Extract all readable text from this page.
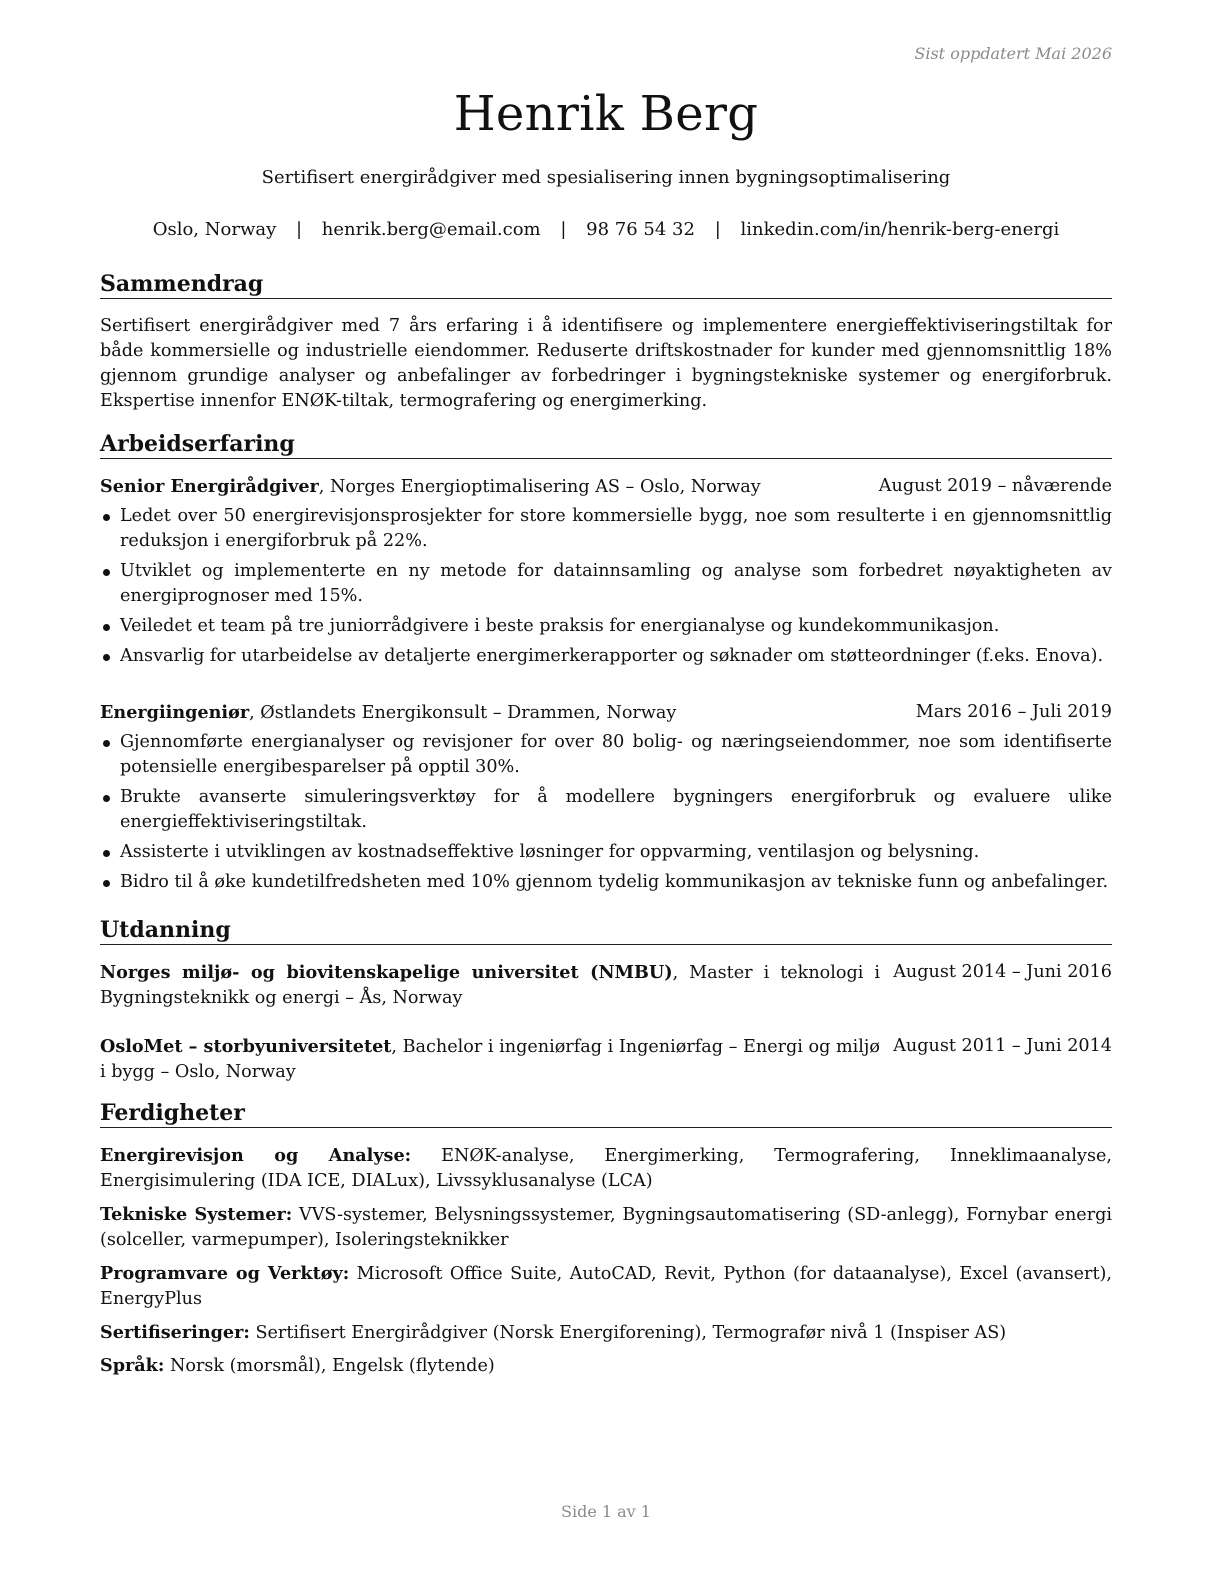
Sist oppdatert Mai 2026
Henrik Berg
Sertifisert energirådgiver med spesialisering innen bygningsoptimalisering
Oslo, Norway | henrik.berg@email.com | 98 76 54 32 | linkedin.com/in/henrik-berg-energi
Sammendrag

Sertifisert energirådgiver med 7 års erfaring i å identifisere og implementere energieffektiviseringstiltak for både kommersielle og industrielle eiendommer. Reduserte driftskostnader for kunder med gjennomsnittlig 18% gjennom grundige analyser og anbefalinger av forbedringer i bygningstekniske systemer og energiforbruk. Ekspertise innenfor ENØK-tiltak, termografering og energimerking.

Arbeidserfaring
Senior Energirådgiver, Norges Energioptimalisering AS – Oslo, Norway	August 2019 – nåværende
Ledet over 50 energirevisjonsprosjekter for store kommersielle bygg, noe som resulterte i en gjennomsnittlig reduksjon i energiforbruk på 22%.
Utviklet og implementerte en ny metode for datainnsamling og analyse som forbedret nøyaktigheten av energiprognoser med 15%.
Veiledet et team på tre juniorrådgivere i beste praksis for energianalyse og kundekommunikasjon.
Ansvarlig for utarbeidelse av detaljerte energimerkerapporter og søknader om støtteordninger (f.eks. Enova).
Energiingeniør, Østlandets Energikonsult – Drammen, Norway	Mars 2016 – Juli 2019
Gjennomførte energianalyser og revisjoner for over 80 bolig- og næringseiendommer, noe som identifiserte potensielle energibesparelser på opptil 30%.
Brukte avanserte simuleringsverktøy for å modellere bygningers energiforbruk og evaluere ulike energieffektiviseringstiltak.
Assisterte i utviklingen av kostnadseffektive løsninger for oppvarming, ventilasjon og belysning.
Bidro til å øke kundetilfredsheten med 10% gjennom tydelig kommunikasjon av tekniske funn og anbefalinger.
Utdanning
Norges miljø- og biovitenskapelige universitet (NMBU), Master i teknologi i Bygningsteknikk og energi – Ås, Norway
August 2014 – Juni 2016
OsloMet – storbyuniversitetet, Bachelor i ingeniørfag i Ingeniørfag – Energi og miljø i bygg – Oslo, Norway
August 2011 – Juni 2014
Ferdigheter
Energirevisjon og Analyse: ENØK-analyse, Energimerking, Termografering, Inneklimaanalyse, Energisimulering (IDA ICE, DIALux), Livssyklusanalyse (LCA)
Tekniske Systemer: VVS-systemer, Belysningssystemer, Bygningsautomatisering (SD-anlegg), Fornybar energi (solceller, varmepumper), Isoleringsteknikker
Programvare og Verktøy: Microsoft Office Suite, AutoCAD, Revit, Python (for dataanalyse), Excel (avansert), EnergyPlus
Sertifiseringer: Sertifisert Energirådgiver (Norsk Energiforening), Termografør nivå 1 (Inspiser AS)
Språk: Norsk (morsmål), Engelsk (flytende)
Side 1 av 1
